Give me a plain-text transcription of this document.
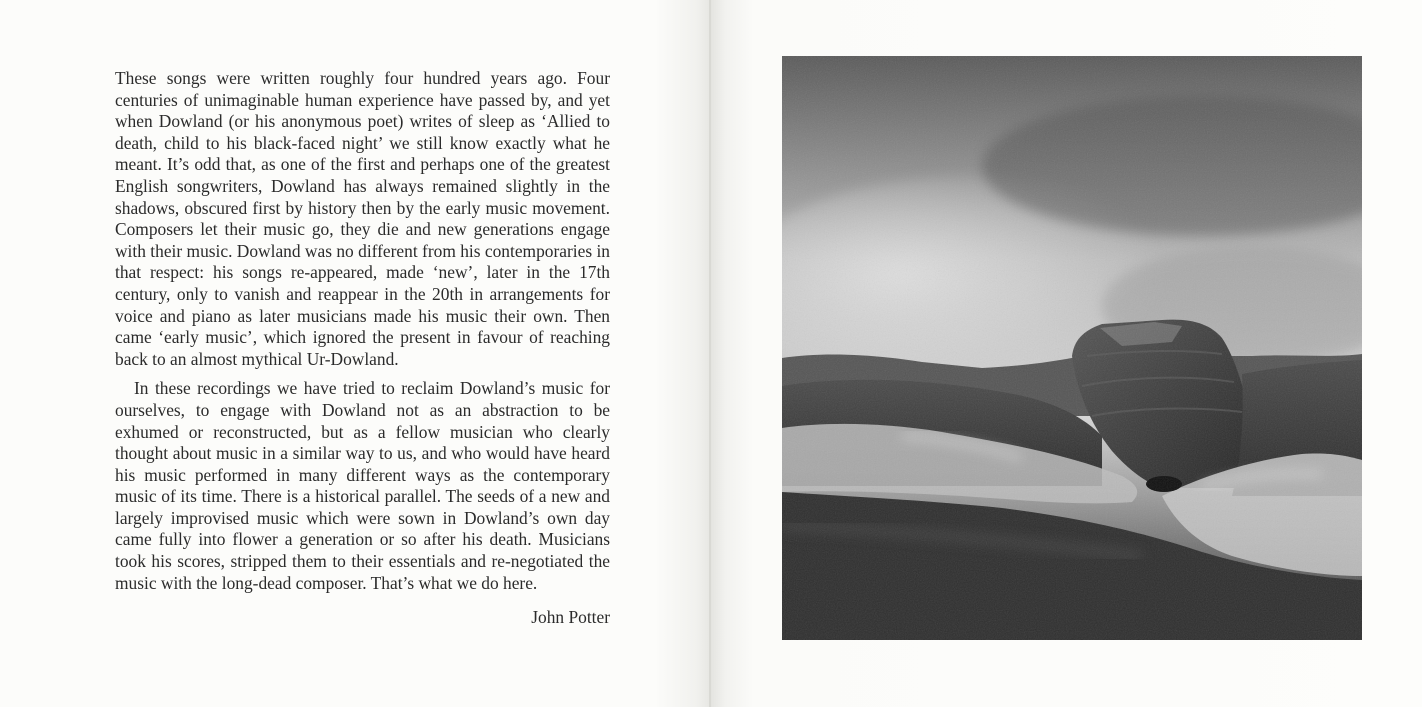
These songs were written roughly four hundred years ago. Four centuries of unimaginable human experience have passed by, and yet when Dowland (or his anonymous poet) writes of sleep as ‘Allied to death, child to his black-faced night’ we still know exactly what he meant. It’s odd that, as one of the first and perhaps one of the greatest English songwriters, Dowland has always remained slightly in the shadows, obscured first by history then by the early music movement. Composers let their music go, they die and new generations engage with their music. Dowland was no different from his contemporaries in that respect: his songs re-appeared, made ‘new’, later in the 17th century, only to vanish and reappear in the 20th in arrangements for voice and piano as later musicians made his music their own. Then came ‘early music’, which ignored the present in favour of reaching back to an almost mythical Ur-Dowland.

In these recordings we have tried to reclaim Dowland’s music for ourselves, to engage with Dowland not as an abstraction to be exhumed or reconstructed, but as a fellow musician who clearly thought about music in a similar way to us, and who would have heard his music performed in many different ways as the contemporary music of its time. There is a historical parallel. The seeds of a new and largely improvised music which were sown in Dowland’s own day came fully into flower a generation or so after his death. Musicians took his scores, stripped them to their essentials and re-negotiated the music with the long-dead composer. That’s what we do here.

John Potter
